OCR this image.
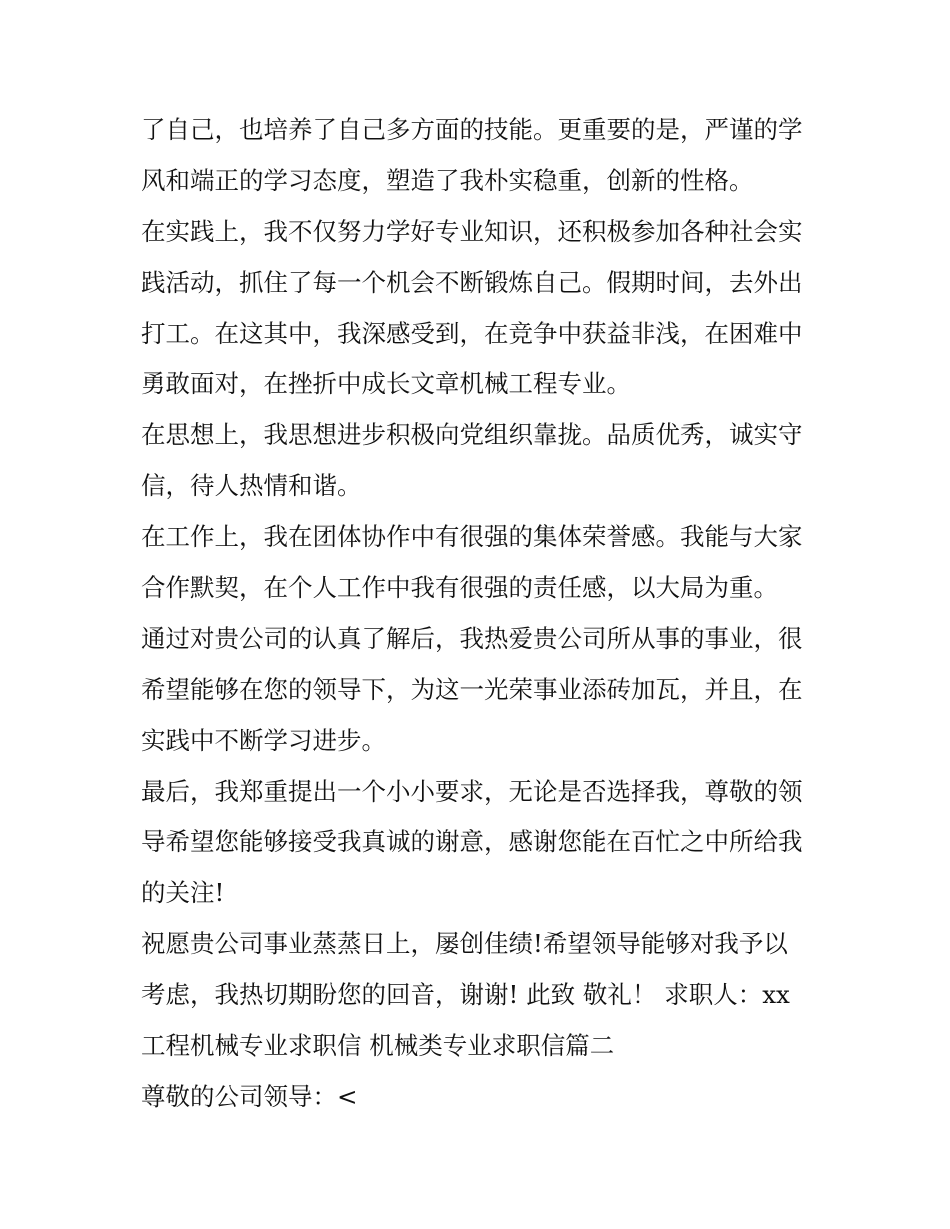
了自己，也培养了自己多方面的技能。更重要的是，严谨的学
风和端正的学习态度，塑造了我朴实稳重，创新的性格。
在实践上，我不仅努力学好专业知识，还积极参加各种社会实
践活动，抓住了每一个机会不断锻炼自己。假期时间，去外出
打工。在这其中，我深感受到，在竞争中获益非浅，在困难中
勇敢面对，在挫折中成长文章机械工程专业。
在思想上，我思想进步积极向党组织靠拢。品质优秀，诚实守
信，待人热情和谐。
在工作上，我在团体协作中有很强的集体荣誉感。我能与大家
合作默契，在个人工作中我有很强的责任感，以大局为重。
通过对贵公司的认真了解后，我热爱贵公司所从事的事业，很
希望能够在您的领导下，为这一光荣事业添砖加瓦，并且，在
实践中不断学习进步。
最后，我郑重提出一个小小要求，无论是否选择我，尊敬的领
导希望您能够接受我真诚的谢意，感谢您能在百忙之中所给我
的关注!
祝愿贵公司事业蒸蒸日上，屡创佳绩!希望领导能够对我予以
考虑，我热切期盼您的回音，谢谢! 此致 敬礼！ 求职人：xx
工程机械专业求职信 机械类专业求职信篇二
尊敬的公司领导：<
